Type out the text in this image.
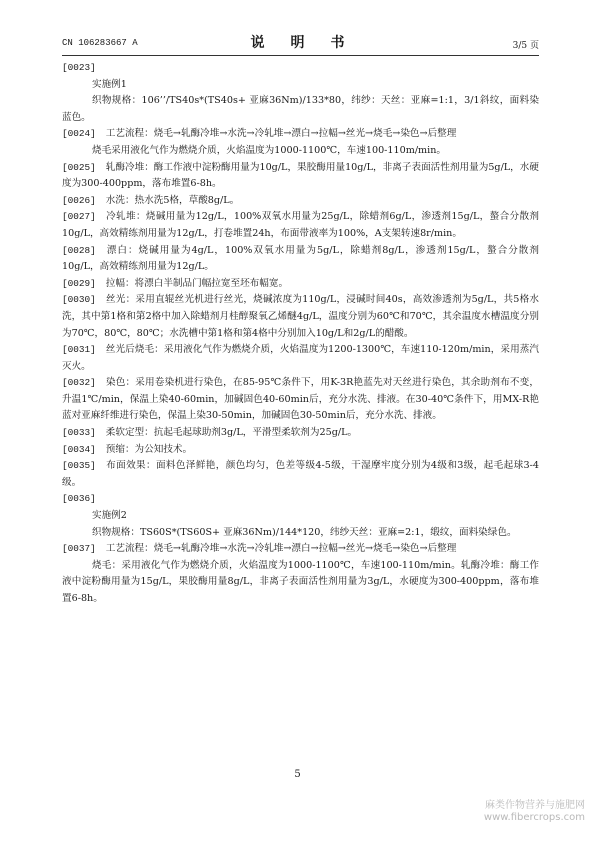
CN 106283667 A	说　明　书	3/5 页

[0023]

实施例1

织物规格：106’’/TS40s*(TS40s+ 亚麻36Nm)/133*80，纬纱：天丝：亚麻=1:1，3/1斜纹，面料染蓝色。

[0024] 工艺流程：烧毛→轧酶冷堆→水洗→冷轧堆→漂白→拉幅→丝光→烧毛→染色→后整理

烧毛采用液化气作为燃烧介质，火焰温度为1000-1100℃，车速100-110m/min。

[0025] 轧酶冷堆：酶工作液中淀粉酶用量为10g/L，果胶酶用量10g/L，非离子表面活性剂用量为5g/L，水硬度为300-400ppm，落布堆置6-8h。

[0026] 水洗：热水洗5格，草酸8g/L。

[0027] 冷轧堆：烧碱用量为12g/L，100%双氧水用量为25g/L，除蜡剂6g/L，渗透剂15g/L，螯合分散剂10g/L，高效精练剂用量为12g/L，打卷堆置24h，布面带液率为100%，A支架转速8r/min。

[0028] 漂白：烧碱用量为4g/L，100%双氧水用量为5g/L，除蜡剂8g/L，渗透剂15g/L，螯合分散剂10g/L，高效精练剂用量为12g/L。

[0029] 拉幅：将漂白半制品门幅拉宽至坯布幅宽。

[0030] 丝光：采用直辊丝光机进行丝光，烧碱浓度为110g/L，浸碱时间40s，高效渗透剂为5g/L，共5格水洗，其中第1格和第2格中加入除蜡剂月桂醇聚氧乙烯醚4g/L，温度分别为60℃和70℃，其余温度水槽温度分别为70℃，80℃，80℃；水洗槽中第1格和第4格中分别加入10g/L和2g/L的醋酸。

[0031] 丝光后烧毛：采用液化气作为燃烧介质，火焰温度为1200-1300℃，车速110-120m/min，采用蒸汽灭火。

[0032] 染色：采用卷染机进行染色，在85-95℃条件下，用K-3R艳蓝先对天丝进行染色，其余助剂布不变，升温1℃/min，保温上染40-60min，加碱固色40-60min后，充分水洗、排液。在30-40℃条件下，用MX-R艳蓝对亚麻纤维进行染色，保温上染30-50min，加碱固色30-50min后，充分水洗、排液。

[0033] 柔软定型：抗起毛起球助剂3g/L，平滑型柔软剂为25g/L。

[0034] 预缩：为公知技术。

[0035] 布面效果：面料色泽鲜艳，颜色均匀，色差等级4-5级，干湿摩牢度分别为4级和3级，起毛起球3-4级。

[0036]

实施例2

织物规格：TS60S*(TS60S+ 亚麻36Nm)/144*120，纬纱天丝：亚麻=2:1，缎纹，面料染绿色。

[0037] 工艺流程：烧毛→轧酶冷堆→水洗→冷轧堆→漂白→拉幅→丝光→烧毛→染色→后整理

烧毛：采用液化气作为燃烧介质，火焰温度为1000-1100℃，车速100-110m/min。轧酶冷堆：酶工作液中淀粉酶用量为15g/L，果胶酶用量8g/L，非离子表面活性剂用量为3g/L，水硬度为300-400ppm，落布堆置6-8h。

5
麻类作物营养与施肥网
www.fibercrops.com
